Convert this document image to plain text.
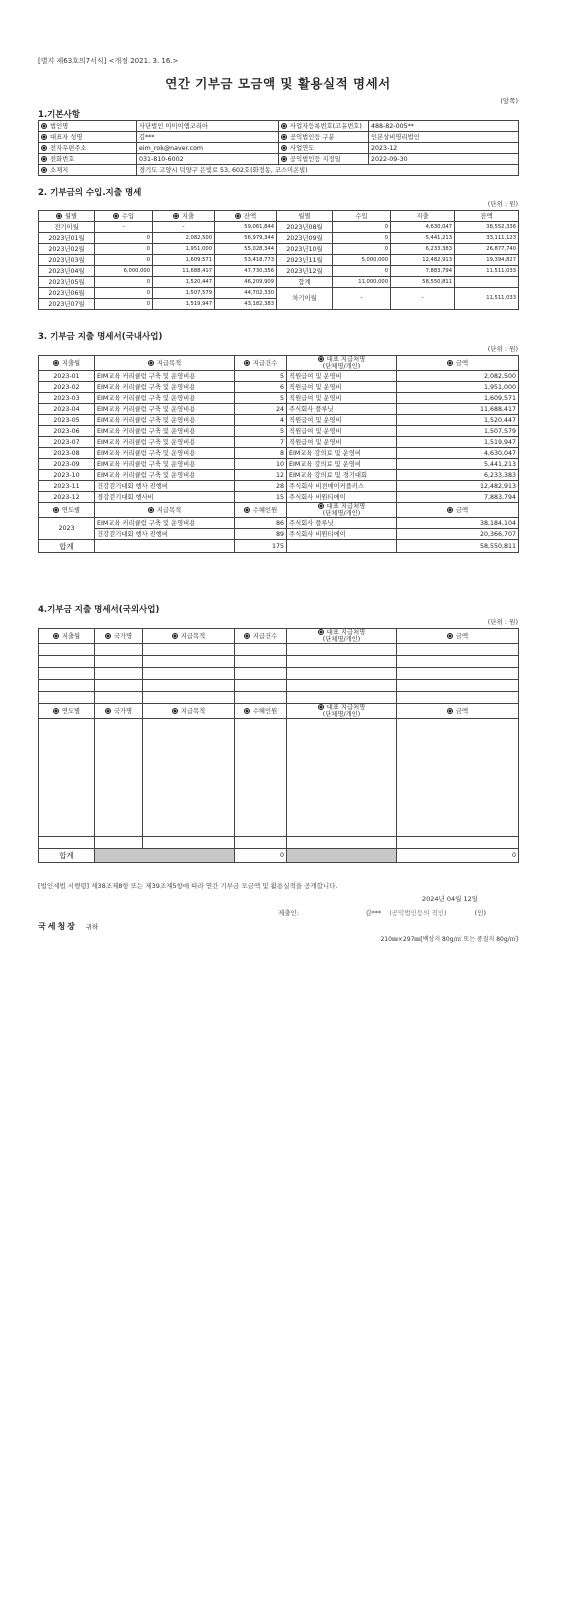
[별지 제63호의7서식] <개정 2021. 3. 16.>
연간 기부금 모금액 및 활용실적 명세서
(앞쪽)
1.기본사항
법인명	사단법인 이이이엠코리아	사업자등록번호(고유번호)	488-82-005**
대표자 성명	김***	공익법인등 구분	인본상비영리법인
전자우편주소	eim_rok@naver.com	사업연도	2023-12
전화번호	031-810-6002	공익법인등 지정일	2022-09-30
소재지	경기도 고양시 덕양구 은빛로 53, 602호(화정동, 코스미온빌)		
2. 기부금의 수입.지출 명세
(단위 : 원)
월별	수입	지출	잔액	월별	수입	지출	잔액
전기이월	-	-	59,061,844	2023년08월	0	4,630,047	38,552,336
2023년01월	0	2,082,500	56,979,344	2023년09월	0	5,441,213	33,111,123
2023년02월	0	1,951,000	55,028,344	2023년10월	0	6,233,383	26,877,740
2023년03월	0	1,609,571	53,418,773	2023년11월	5,000,000	12,482,913	19,394,827
2023년04월	6,000,000	11,688,417	47,730,356	2023년12월	0	7,883,794	11,511,033
2023년05월	0	1,520,447	46,209,909	합계	11,000,000	58,550,811	
2023년06월	0	1,507,579	44,702,330	차기이월	-	-	11,511,033
2023년07월	0	1,519,947	43,182,383				
3. 기부금 지출 명세서(국내사업)
(단위 : 원)
지출월	지급목적	지급건수	대표 지급처명
(단체명/개인)	금액
2023-01	EIM교육 커리큘럼 구축 및 운영비용	5	직원급여 및 운영비	2,082,500
2023-02	EIM교육 커리큘럼 구축 및 운영비용	6	직원급여 및 운영비	1,951,000
2023-03	EIM교육 커리큘럼 구축 및 운영비용	5	직원급여 및 운영비	1,609,571
2023-04	EIM교육 커리큘럼 구축 및 운영비용	24	주식회사 플루닛	11,688,417
2023-05	EIM교육 커리큘럼 구축 및 운영비용	4	직원급여 및 운영비	1,520,447
2023-06	EIM교육 커리큘럼 구축 및 운영비용	5	직원급여 및 운영비	1,507,579
2023-07	EIM교육 커리큘럼 구축 및 운영비용	7	직원급여 및 운영비	1,519,947
2023-08	EIM교육 커리큘럼 구축 및 운영비용	8	EIM교육 강의료 및 운영비	4,630,047
2023-09	EIM교육 커리큘럼 구축 및 운영비용	10	EIM교육 강의료 및 운영비	5,441,213
2023-10	EIM교육 커리큘럼 구축 및 운영비용	12	EIM교육 강의료 및 경기대회	6,233,383
2023-11	건강걷기대회 행사 진행비	28	주식회사 비젼메이커플러스	12,482,913
2023-12	경강걷기대회 행사비	15	주식회사 비원티에이	7,883,794
연도별	지급목적	수혜인원	대표 지급처명
(단체명/개인)	금액
2023	EIM교육 커리큘럼 구축 및 운영비용	86	주식회사 플루닛	38,184,104
	건강걷기대회 행사 진행비	89	주식회사 비원티에이	20,366,707
합계		175		58,550,811
4.기부금 지출 명세서(국외사업)
(단위 : 원)
지출월	국가명	지급목적	지급건수	대표 지급처명
(단체명/개인)	금액

연도별	국가명	지급목적	수혜인원	대표 지급처명
(단체명/개인)	금액

합계			0		0
[법인세법 시행령] 제38조제8항 또는 제39조제5항에 따라 연간 기부금 모금액 및 활용실적을 공개합니다.
2024년 04월 12일
제출인:	김*** (공익법인등의 직인)	(인)
국세청장 귀하
210㎜×297㎜[백상지 80g/㎡ 또는 중질지 80g/㎡]
